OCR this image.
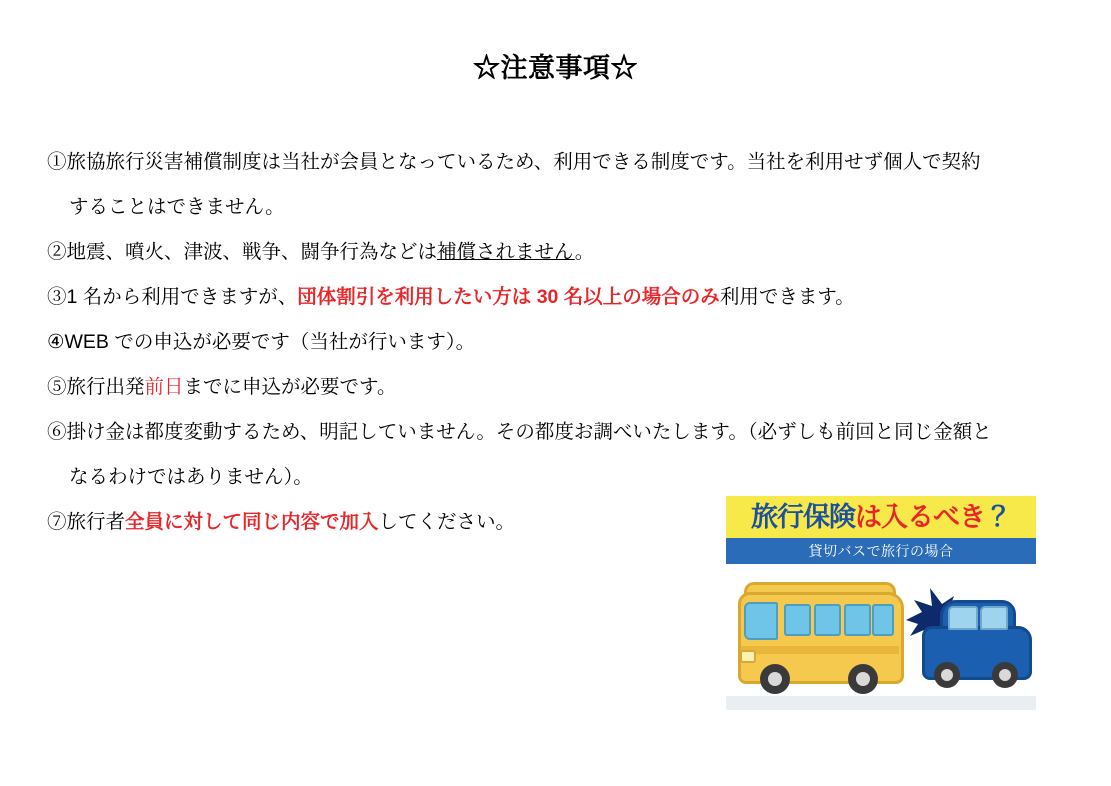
☆注意事項☆

①旅協旅行災害補償制度は当社が会員となっているため、利用できる制度です。当社を利用せず個人で契約
することはできません。

②地震、噴火、津波、戦争、闘争行為などは補償されません。

③1 名から利用できますが、団体割引を利用したい方は 30 名以上の場合のみ利用できます。

④WEB での申込が必要です（当社が行います）。

⑤旅行出発前日までに申込が必要です。

⑥掛け金は都度変動するため、明記していません。その都度お調べいたします。（必ずしも前回と同じ金額と
なるわけではありません）。

⑦旅行者全員に対して同じ内容で加入してください。	旅行保険は入るべき？
貸切バスで旅行の場合
